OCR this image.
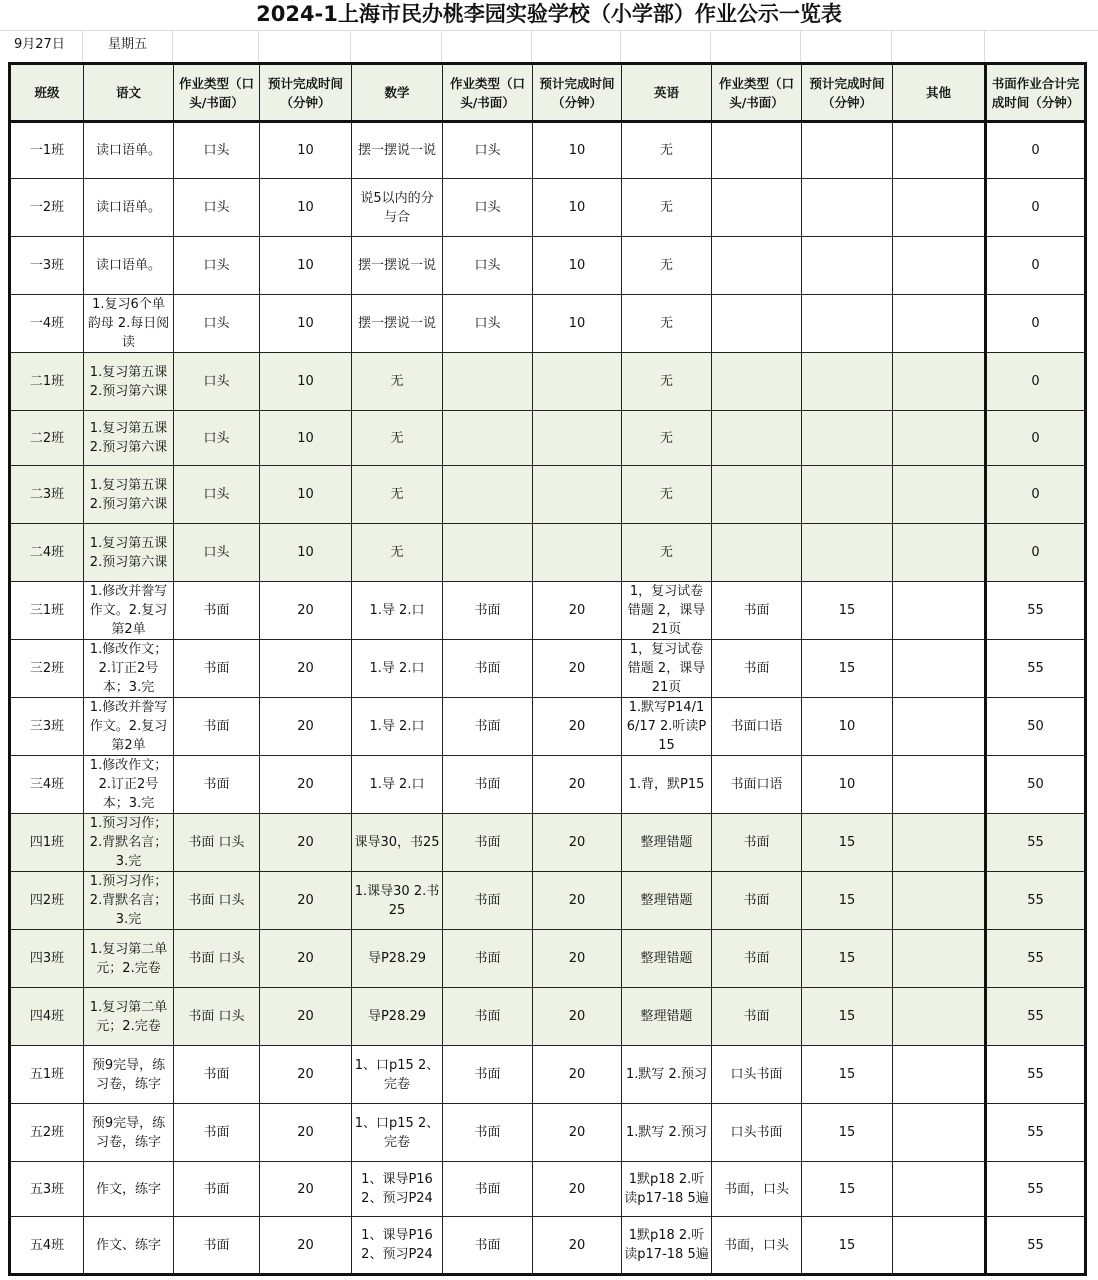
2024-1上海市民办桃李园实验学校（小学部）作业公示一览表
9月27日	星期五
班级	语文	作业类型（口头/书面）	预计完成时间（分钟）	数学	作业类型（口头/书面）	预计完成时间（分钟）	英语	作业类型（口头/书面）	预计完成时间（分钟）	其他	书面作业合计完成时间（分钟）

一1班	读口语单。	口头	10	摆一摆说一说	口头	10	无				0

一2班	读口语单。	口头	10	说5以内的分与合	口头	10	无				0

一3班	读口语单。	口头	10	摆一摆说一说	口头	10	无				0

一4班	1.复习6个单韵母 2.每日阅读	口头	10	摆一摆说一说	口头	10	无				0

二1班	1.复习第五课2.预习第六课	口头	10	无			无				0

二2班	1.复习第五课2.预习第六课	口头	10	无			无				0

二3班	1.复习第五课2.预习第六课	口头	10	无			无				0

二4班	1.复习第五课2.预习第六课	口头	10	无			无				0

三1班	1.修改并誊写作文。2.复习第2单	书面	20	1.导 2.口	书面	20	1，复习试卷错题 2，课导21页	书面	15		55

三2班	1.修改作文；2.订正2号本；3.完	书面	20	1.导 2.口	书面	20	1，复习试卷错题 2，课导21页	书面	15		55

三3班	1.修改并誊写作文。2.复习第2单	书面	20	1.导 2.口	书面	20	1.默写P14/16/17 2.听读P15	书面口语	10		50

三4班	1.修改作文；2.订正2号本；3.完	书面	20	1.导 2.口	书面	20	1.背，默P15	书面口语	10		50

四1班	1.预习习作；2.背默名言；3.完	书面 口头	20	课导30，书25	书面	20	整理错题	书面	15		55

四2班	1.预习习作；2.背默名言；3.完	书面 口头	20	1.课导30 2.书25	书面	20	整理错题	书面	15		55

四3班	1.复习第二单元；2.完卷	书面 口头	20	导P28.29	书面	20	整理错题	书面	15		55

四4班	1.复习第二单元；2.完卷	书面 口头	20	导P28.29	书面	20	整理错题	书面	15		55

五1班	预9完导，练习卷，练字	书面	20	1、口p15 2、完卷	书面	20	1.默写 2.预习	口头书面	15		55

五2班	预9完导，练习卷，练字	书面	20	1、口p15 2、完卷	书面	20	1.默写 2.预习	口头书面	15		55

五3班	作文，练字	书面	20	1、课导P16 2、预习P24	书面	20	1默p18 2.听读p17-18 5遍	书面，口头	15		55

五4班	作文、练字	书面	20	1、课导P16 2、预习P24	书面	20	1默p18 2.听读p17-18 5遍	书面，口头	15		55
